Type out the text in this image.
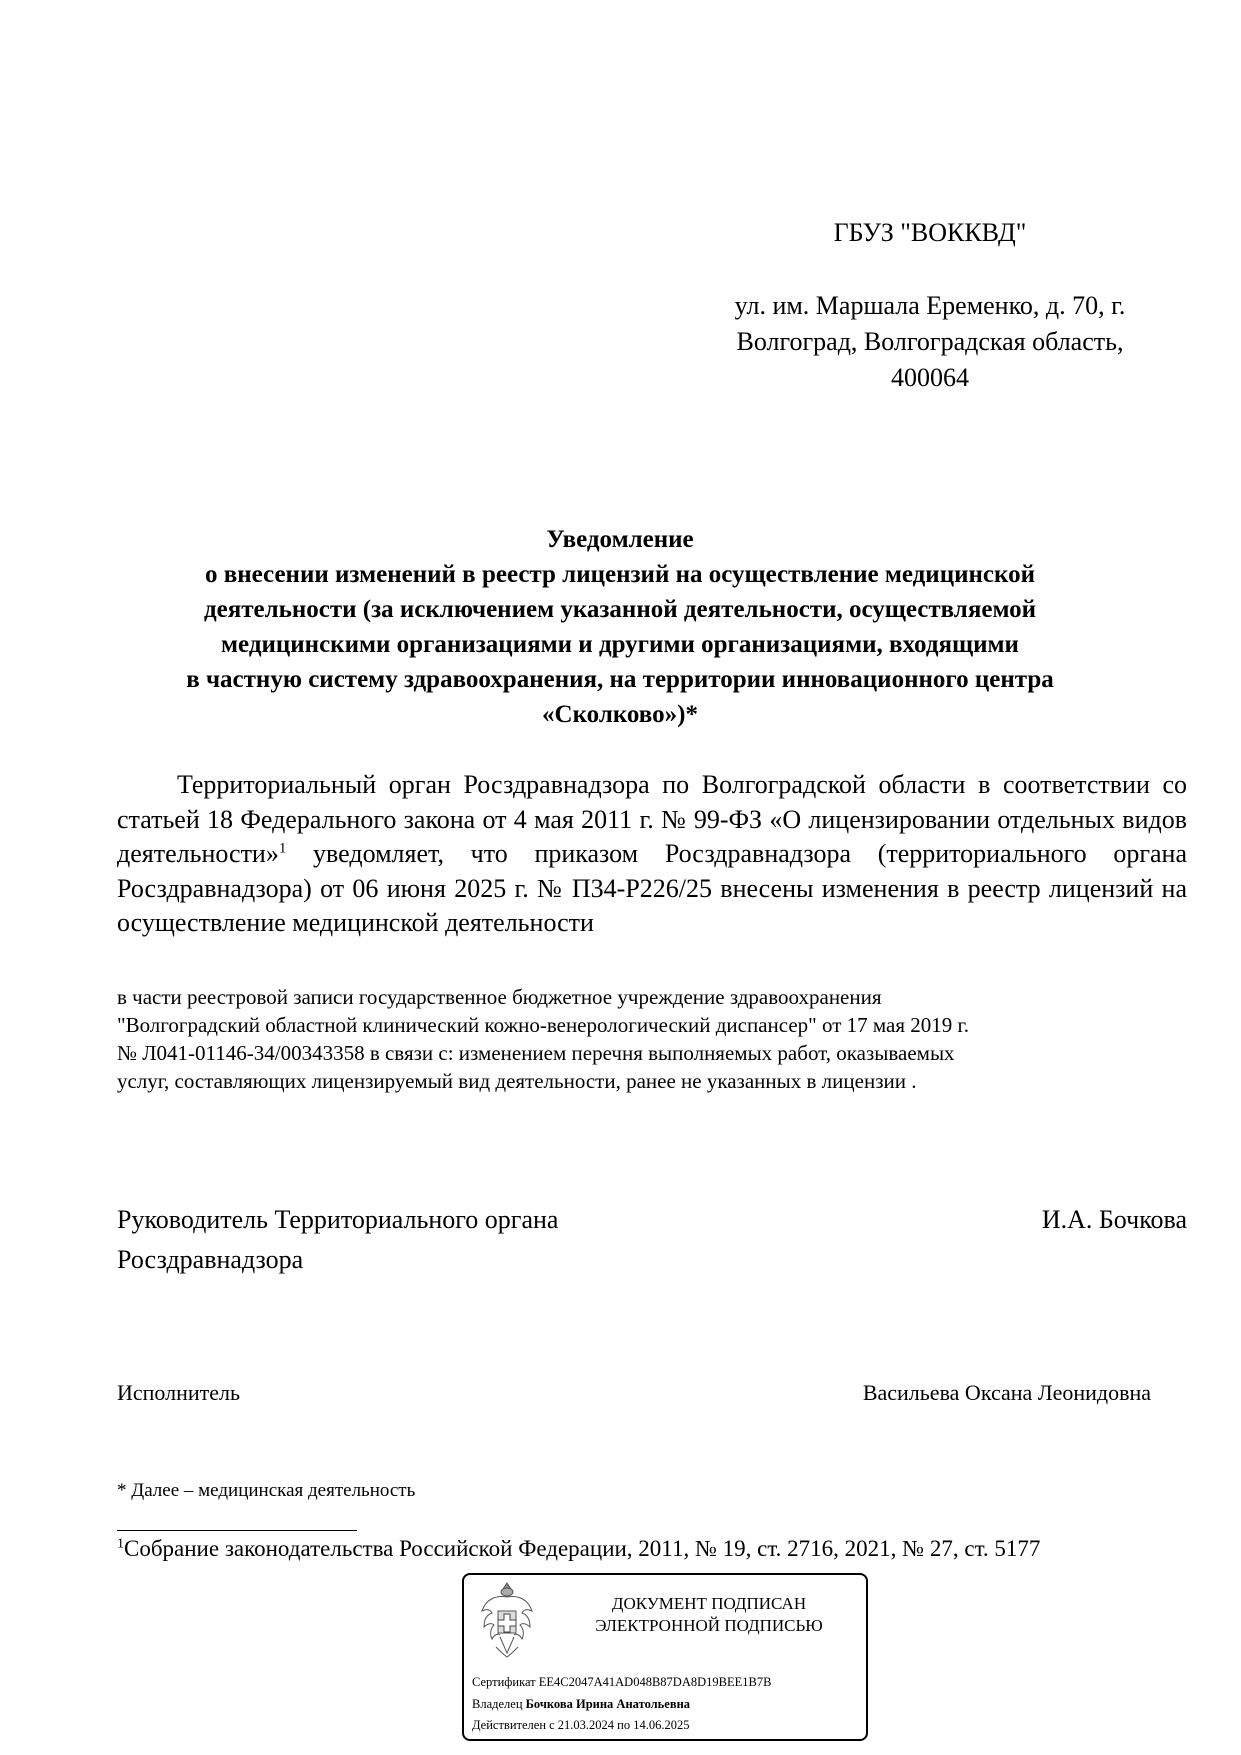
ГБУЗ "ВОККВД"
ул. им. Маршала Еременко, д. 70, г.
Волгоград, Волгоградская область,
400064
Уведомление
о внесении изменений в реестр лицензий на осуществление медицинской
деятельности (за исключением указанной деятельности, осуществляемой
медицинскими организациями и другими организациями, входящими
в частную систему здравоохранения, на территории инновационного центра
«Сколково»)*
Территориальный орган Росздравнадзора по Волгоградской области в соответствии со статьей 18 Федерального закона от 4 мая 2011 г. № 99-ФЗ «О лицензировании отдельных видов деятельности»$^1$ уведомляет, что приказом Росздравнадзора (территориального органа Росздравнадзора) от 06 июня 2025 г. № П34-Р226/25 внесены изменения в реестр лицензий на осуществление медицинской деятельности
в части реестровой записи государственное бюджетное учреждение здравоохранения
"Волгоградский областной клинический кожно-венерологический диспансер" от 17 мая 2019 г.
№ Л041-01146-34/00343358 в связи с: изменением перечня выполняемых работ, оказываемых
услуг, составляющих лицензируемый вид деятельности, ранее не указанных в лицензии .
Руководитель Территориального органа
Росздравнадзора
И.А. Бочкова
Исполнитель	Васильева Оксана Леонидовна
* Далее – медицинская деятельность
$^1$Собрание законодательства Российской Федерации, 2011, № 19, ст. 2716, 2021, № 27, ст. 5177
ДОКУМЕНТ ПОДПИСАН
ЭЛЕКТРОННОЙ ПОДПИСЬЮ
Сертификат EE4C2047A41AD048B87DA8D19BEE1B7B
Владелец Бочкова Ирина Анатольевна
Действителен с 21.03.2024 по 14.06.2025
